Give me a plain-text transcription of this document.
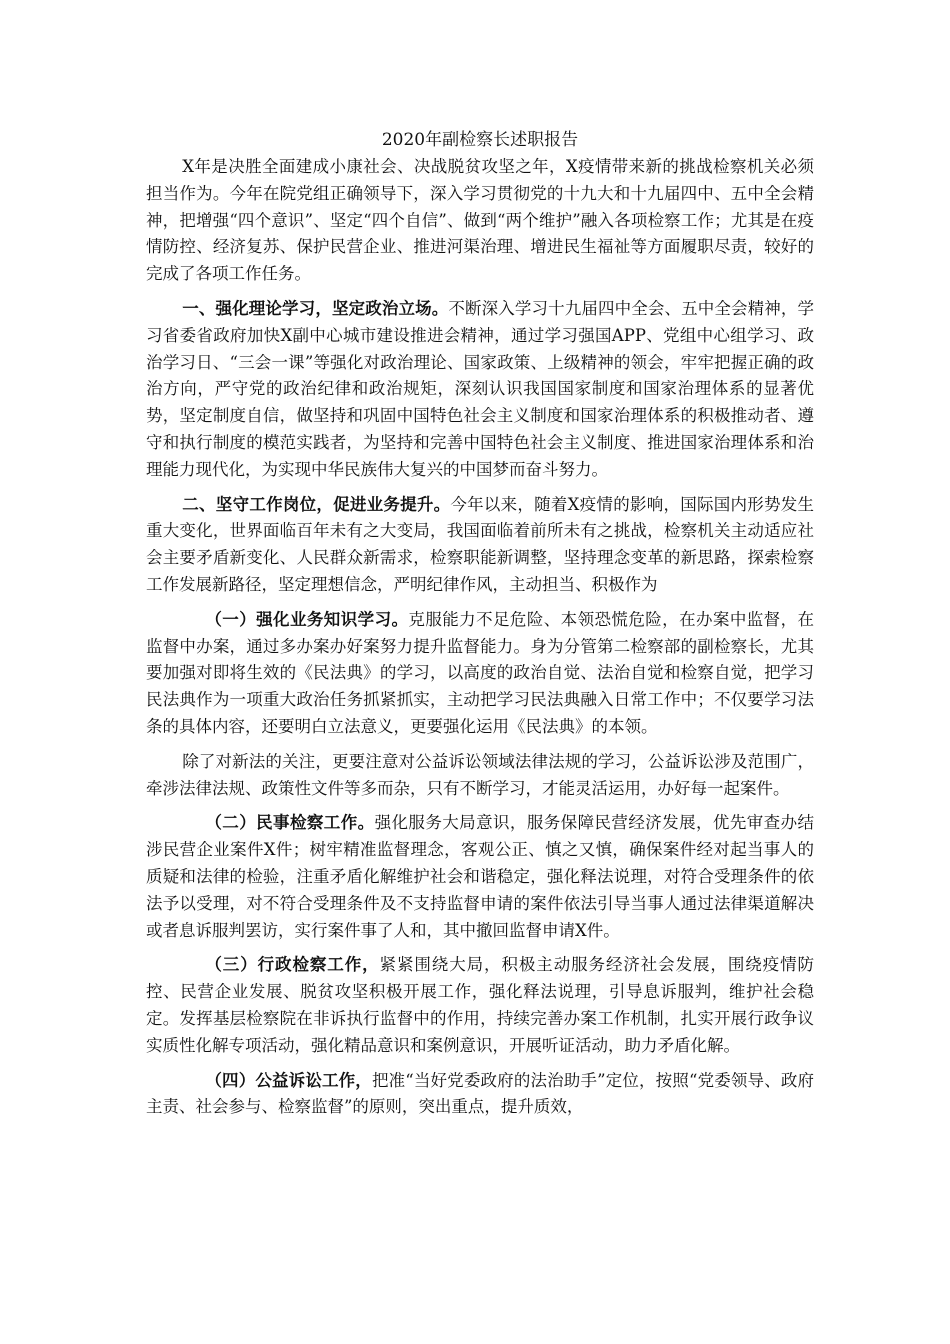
2020年副检察长述职报告

X年是决胜全面建成小康社会、决战脱贫攻坚之年，X疫情带来新的挑战检察机关必须担当作为。今年在院党组正确领导下，深入学习贯彻党的十九大和十九届四中、五中全会精神，把增强“四个意识”、坚定“四个自信”、做到“两个维护”融入各项检察工作；尤其是在疫情防控、经济复苏、保护民营企业、推进河渠治理、增进民生福祉等方面履职尽责，较好的完成了各项工作任务。

一、强化理论学习，坚定政治立场。不断深入学习十九届四中全会、五中全会精神，学习省委省政府加快X副中心城市建设推进会精神，通过学习强国APP、党组中心组学习、政治学习日、“三会一课”等强化对政治理论、国家政策、上级精神的领会，牢牢把握正确的政治方向，严守党的政治纪律和政治规矩，深刻认识我国国家制度和国家治理体系的显著优势，坚定制度自信，做坚持和巩固中国特色社会主义制度和国家治理体系的积极推动者、遵守和执行制度的模范实践者，为坚持和完善中国特色社会主义制度、推进国家治理体系和治理能力现代化，为实现中华民族伟大复兴的中国梦而奋斗努力。

二、坚守工作岗位，促进业务提升。今年以来，随着X疫情的影响，国际国内形势发生重大变化，世界面临百年未有之大变局，我国面临着前所未有之挑战，检察机关主动适应社会主要矛盾新变化、人民群众新需求，检察职能新调整，坚持理念变革的新思路，探索检察工作发展新路径，坚定理想信念，严明纪律作风，主动担当、积极作为

（一）强化业务知识学习。克服能力不足危险、本领恐慌危险，在办案中监督，在监督中办案，通过多办案办好案努力提升监督能力。身为分管第二检察部的副检察长，尤其要加强对即将生效的《民法典》的学习，以高度的政治自觉、法治自觉和检察自觉，把学习民法典作为一项重大政治任务抓紧抓实，主动把学习民法典融入日常工作中；不仅要学习法条的具体内容，还要明白立法意义，更要强化运用《民法典》的本领。

除了对新法的关注，更要注意对公益诉讼领域法律法规的学习，公益诉讼涉及范围广，牵涉法律法规、政策性文件等多而杂，只有不断学习，才能灵活运用，办好每一起案件。

（二）民事检察工作。强化服务大局意识，服务保障民营经济发展，优先审查办结涉民营企业案件X件；树牢精准监督理念，客观公正、慎之又慎，确保案件经对起当事人的质疑和法律的检验，注重矛盾化解维护社会和谐稳定，强化释法说理，对符合受理条件的依法予以受理，对不符合受理条件及不支持监督申请的案件依法引导当事人通过法律渠道解决或者息诉服判罢访，实行案件事了人和，其中撤回监督申请X件。

（三）行政检察工作，紧紧围绕大局，积极主动服务经济社会发展，围绕疫情防控、民营企业发展、脱贫攻坚积极开展工作，强化释法说理，引导息诉服判，维护社会稳定。发挥基层检察院在非诉执行监督中的作用，持续完善办案工作机制，扎实开展行政争议实质性化解专项活动，强化精品意识和案例意识，开展听证活动，助力矛盾化解。

（四）公益诉讼工作，把准“当好党委政府的法治助手”定位，按照“党委领导、政府主责、社会参与、检察监督”的原则，突出重点，提升质效，
